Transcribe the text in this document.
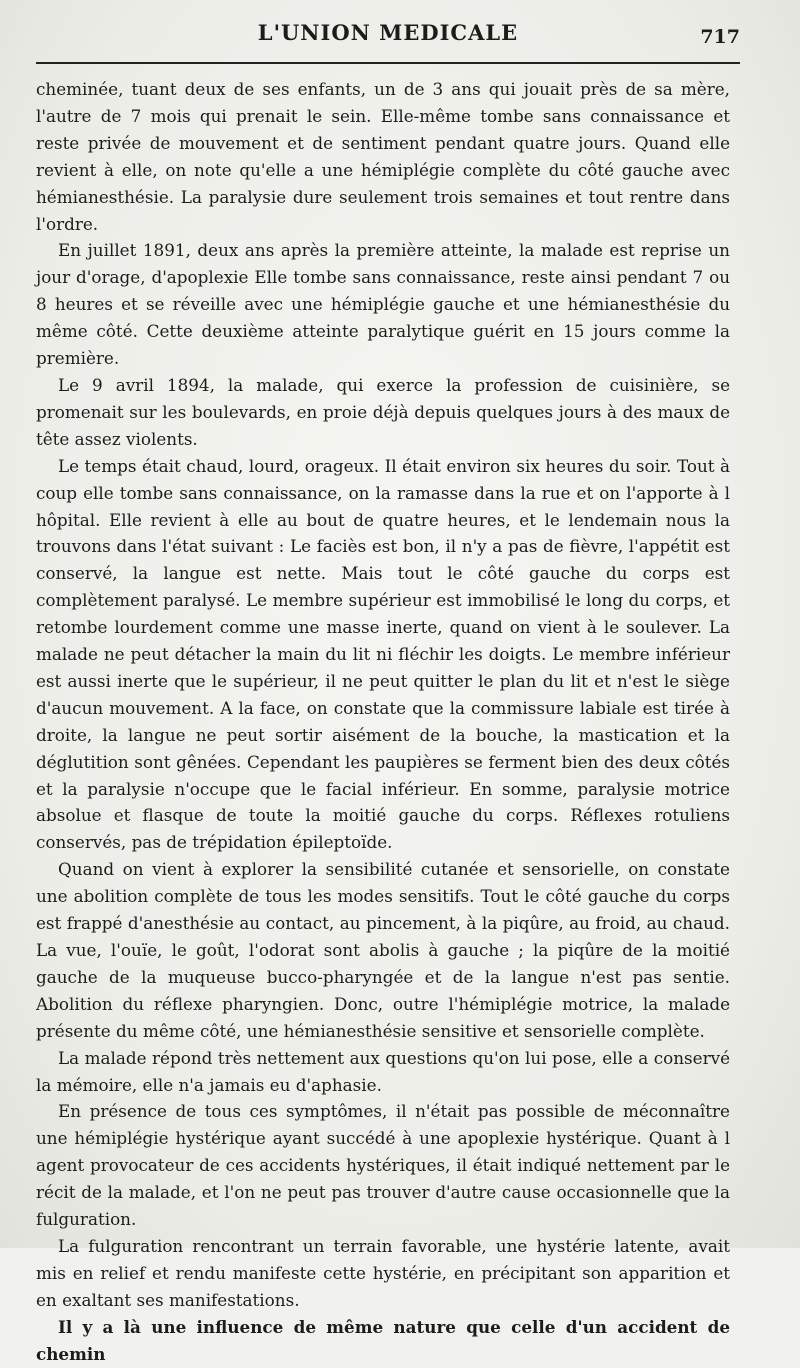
L'UNION MEDICALE	717

cheminée, tuant deux de ses enfants, un de 3 ans qui jouait près de sa mère, l'autre de 7 mois qui prenait le sein. Elle-même tombe sans connaissance et reste privée de mouvement et de sentiment pendant quatre jours. Quand elle revient à elle, on note qu'elle a une hémiplégie complète du côté gauche avec hémianesthésie. La paralysie dure seulement trois semaines et tout rentre dans l'ordre.

En juillet 1891, deux ans après la première atteinte, la malade est reprise un jour d'orage, d'apoplexie Elle tombe sans connaissance, reste ainsi pendant 7 ou 8 heures et se réveille avec une hémiplégie gauche et une hémianesthésie du même côté. Cette deuxième atteinte paralytique guérit en 15 jours comme la première.

Le 9 avril 1894, la malade, qui exerce la profession de cuisinière, se promenait sur les boulevards, en proie déjà depuis quelques jours à des maux de tête assez violents.

Le temps était chaud, lourd, orageux. Il était environ six heures du soir. Tout à coup elle tombe sans connaissance, on la ramasse dans la rue et on l'apporte à l hôpital. Elle revient à elle au bout de quatre heures, et le lendemain nous la trouvons dans l'état suivant : Le faciès est bon, il n'y a pas de fièvre, l'appétit est conservé, la langue est nette. Mais tout le côté gauche du corps est complètement paralysé. Le membre supérieur est immobilisé le long du corps, et retombe lourdement comme une masse inerte, quand on vient à le soulever. La malade ne peut détacher la main du lit ni fléchir les doigts. Le membre inférieur est aussi inerte que le supérieur, il ne peut quitter le plan du lit et n'est le siège d'aucun mouvement. A la face, on constate que la commissure labiale est tirée à droite, la langue ne peut sortir aisément de la bouche, la mastication et la déglutition sont gênées. Cependant les paupières se ferment bien des deux côtés et la paralysie n'occupe que le facial inférieur. En somme, paralysie motrice absolue et flasque de toute la moitié gauche du corps. Réflexes rotuliens conservés, pas de trépidation épileptoïde.

Quand on vient à explorer la sensibilité cutanée et sensorielle, on constate une abolition complète de tous les modes sensitifs. Tout le côté gauche du corps est frappé d'anesthésie au contact, au pincement, à la piqûre, au froid, au chaud. La vue, l'ouïe, le goût, l'odorat sont abolis à gauche ; la piqûre de la moitié gauche de la muqueuse bucco-pharyngée et de la langue n'est pas sentie. Abolition du réflexe pharyngien. Donc, outre l'hémiplégie motrice, la malade présente du même côté, une hémianesthésie sensitive et sensorielle complète.

La malade répond très nettement aux questions qu'on lui pose, elle a conservé la mémoire, elle n'a jamais eu d'aphasie.

En présence de tous ces symptômes, il n'était pas possible de méconnaître une hémiplégie hystérique ayant succédé à une apoplexie hystérique. Quant à l agent provocateur de ces accidents hystériques, il était indiqué nettement par le récit de la malade, et l'on ne peut pas trouver d'autre cause occasionnelle que la fulguration.

La fulguration rencontrant un terrain favorable, une hystérie latente, avait mis en relief et rendu manifeste cette hystérie, en précipitant son apparition et en exaltant ses manifestations.

Il y a là une influence de même nature que celle d'un accident de chemin
